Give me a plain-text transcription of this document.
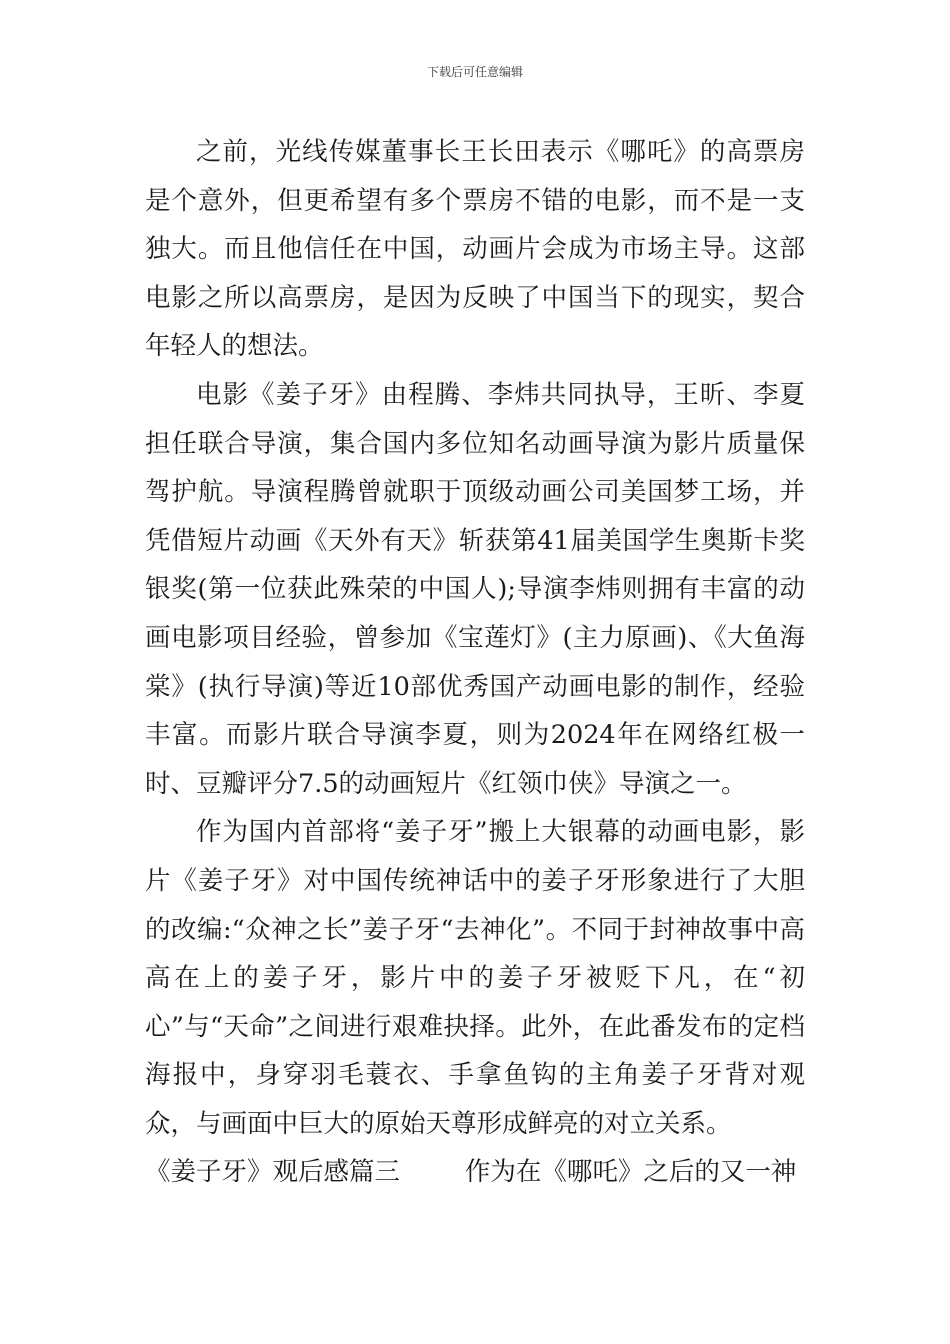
下载后可任意编辑

之前，光线传媒董事长王长田表示《哪吒》的高票房是个意外，但更希望有多个票房不错的电影，而不是一支独大。而且他信任在中国，动画片会成为市场主导。这部电影之所以高票房，是因为反映了中国当下的现实，契合年轻人的想法。

电影《姜子牙》由程腾、李炜共同执导，王昕、李夏担任联合导演，集合国内多位知名动画导演为影片质量保驾护航。导演程腾曾就职于顶级动画公司美国梦工场，并凭借短片动画《天外有天》斩获第41届美国学生奥斯卡奖银奖(第一位获此殊荣的中国人);导演李炜则拥有丰富的动画电影项目经验，曾参加《宝莲灯》(主力原画)、《大鱼海棠》(执行导演)等近10部优秀国产动画电影的制作，经验丰富。而影片联合导演李夏，则为2024年在网络红极一时、豆瓣评分7.5的动画短片《红领巾侠》导演之一。

作为国内首部将“姜子牙”搬上大银幕的动画电影，影片《姜子牙》对中国传统神话中的姜子牙形象进行了大胆的改编:“众神之长”姜子牙“去神化”。不同于封神故事中高高在上的姜子牙，影片中的姜子牙被贬下凡，在“初心”与“天命”之间进行艰难抉择。此外，在此番发布的定档海报中，身穿羽毛蓑衣、手拿鱼钩的主角姜子牙背对观众，与画面中巨大的原始天尊形成鲜亮的对立关系。

《姜子牙》观后感篇三	作为在《哪吒》之后的又一神
